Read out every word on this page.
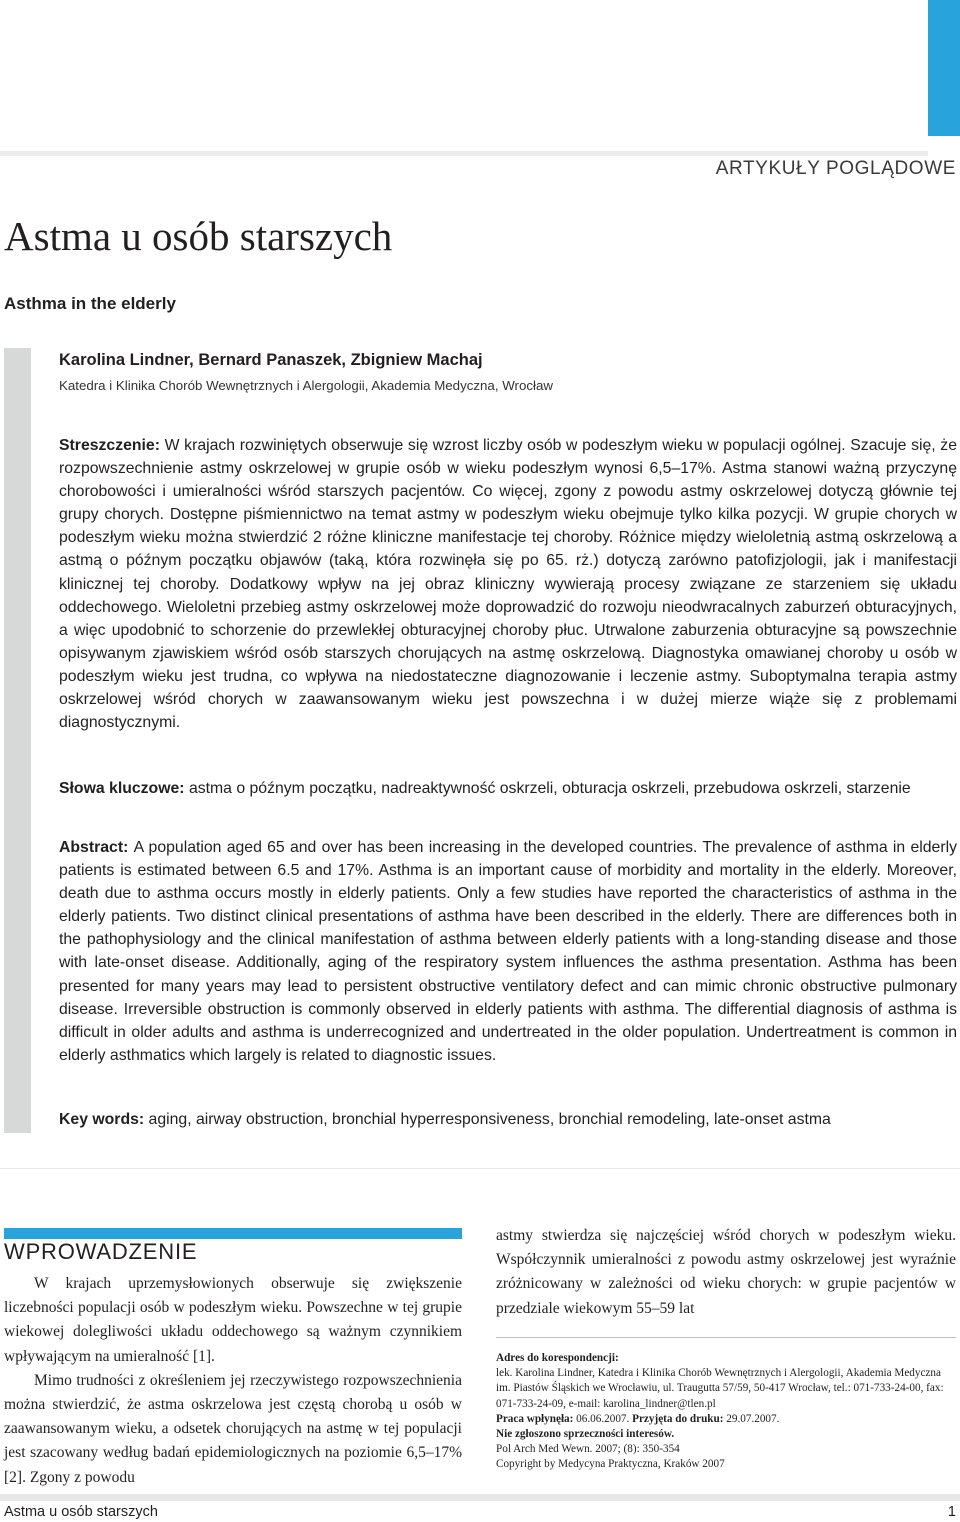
ARTYKUŁY POGLĄDOWE
Astma u osób starszych
Asthma in the elderly
Karolina Lindner, Bernard Panaszek, Zbigniew Machaj
Katedra i Klinika Chorób Wewnętrznych i Alergologii, Akademia Medyczna, Wrocław
Streszczenie: W krajach rozwiniętych obserwuje się wzrost liczby osób w podeszłym wieku w populacji ogólnej. Szacuje się, że rozpowszechnienie astmy oskrzelowej w grupie osób w wieku podeszłym wynosi 6,5–17%. Astma stanowi ważną przyczynę chorobowości i umieralności wśród starszych pacjentów. Co więcej, zgony z powodu astmy oskrzelowej dotyczą głównie tej grupy chorych. Dostępne piśmiennictwo na temat astmy w podeszłym wieku obejmuje tylko kilka pozycji. W grupie chorych w podeszłym wieku można stwierdzić 2 różne kliniczne manifestacje tej choroby. Różnice między wieloletnią astmą oskrzelową a astmą o późnym początku objawów (taką, która rozwinęła się po 65. rż.) dotyczą zarówno patofizjologii, jak i manifestacji klinicznej tej choroby. Dodatkowy wpływ na jej obraz kliniczny wywierają procesy związane ze starzeniem się układu oddechowego. Wieloletni przebieg astmy oskrzelowej może doprowadzić do rozwoju nieodwracalnych zaburzeń obturacyjnych, a więc upodobnić to schorzenie do przewlekłej obturacyjnej choroby płuc. Utrwalone zaburzenia obturacyjne są powszechnie opisywanym zjawiskiem wśród osób starszych chorujących na astmę oskrzelową. Diagnostyka omawianej choroby u osób w podeszłym wieku jest trudna, co wpływa na niedostateczne diagnozowanie i leczenie astmy. Suboptymalna terapia astmy oskrzelowej wśród chorych w zaawansowanym wieku jest powszechna i w dużej mierze wiąże się z problemami diagnostycznymi.
Słowa kluczowe: astma o późnym początku, nadreaktywność oskrzeli, obturacja oskrzeli, przebudowa oskrzeli, starzenie
Abstract: A population aged 65 and over has been increasing in the developed countries. The prevalence of asthma in elderly patients is estimated between 6.5 and 17%. Asthma is an important cause of morbidity and mortality in the elderly. Moreover, death due to asthma occurs mostly in elderly patients. Only a few studies have reported the characteristics of asthma in the elderly patients. Two distinct clinical presentations of asthma have been described in the elderly. There are differences both in the pathophysiology and the clinical manifestation of asthma between elderly patients with a long-standing disease and those with late-onset disease. Additionally, aging of the respiratory system influences the asthma presentation. Asthma has been presented for many years may lead to persistent obstructive ventilatory defect and can mimic chronic obstructive pulmonary disease. Irreversible obstruction is commonly observed in elderly patients with asthma. The differential diagnosis of asthma is difficult in older adults and asthma is underrecognized and undertreated in the older population. Undertreatment is common in elderly asthmatics which largely is related to diagnostic issues.
Key words: aging, airway obstruction, bronchial hyperresponsiveness, bronchial remodeling, late-onset astma
WPROWADZENIE

W krajach uprzemysłowionych obserwuje się zwiększenie liczebności populacji osób w podeszłym wieku. Powszechne w tej grupie wiekowej dolegliwości układu oddechowego są ważnym czynnikiem wpływającym na umieralność [1].

Mimo trudności z określeniem jej rzeczywistego rozpowszechnienia można stwierdzić, że astma oskrzelowa jest częstą chorobą u osób w zaawansowanym wieku, a odsetek chorujących na astmę w tej populacji jest szacowany według badań epidemiologicznych na poziomie 6,5–17% [2]. Zgony z powodu

astmy stwierdza się najczęściej wśród chorych w podeszłym wieku. Współczynnik umieralności z powodu astmy oskrzelowej jest wyraźnie zróżnicowany w zależności od wieku chorych: w grupie pacjentów w przedziale wiekowym 55–59 lat

Adres do korespondencji:
lek. Karolina Lindner, Katedra i Klinika Chorób Wewnętrznych i Alergologii, Akademia Medyczna im. Piastów Śląskich we Wrocławiu, ul. Traugutta 57/59, 50-417 Wrocław, tel.: 071-733-24-00, fax: 071-733-24-09, e-mail: karolina_lindner@tlen.pl
Praca wpłynęła: 06.06.2007. Przyjęta do druku: 29.07.2007.
Nie zgłoszono sprzeczności interesów.
Pol Arch Med Wewn. 2007; (8): 350-354
Copyright by Medycyna Praktyczna, Kraków 2007
Astma u osób starszych	1
